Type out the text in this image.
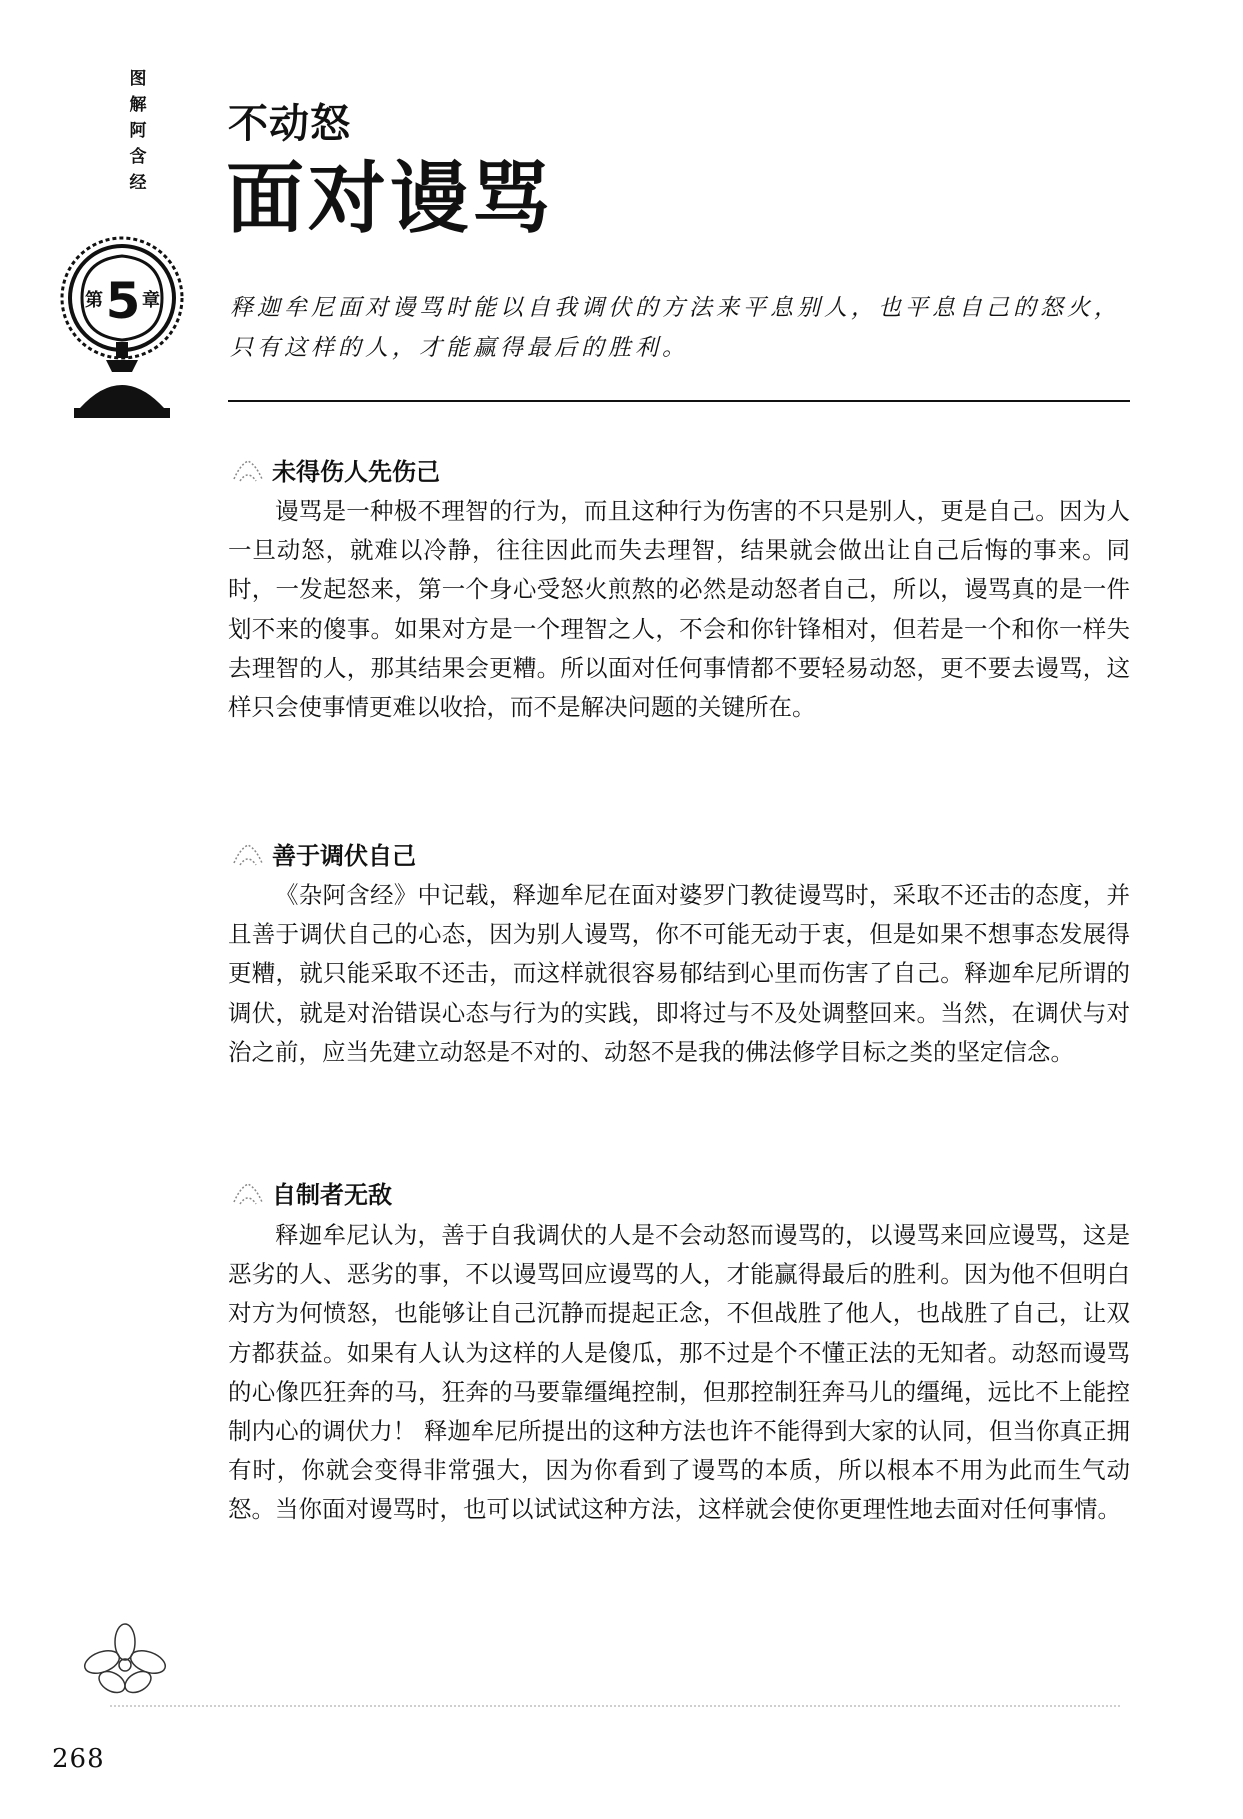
图
解
阿
含
经
第 5 章
不动怒
面对谩骂
释迦牟尼面对谩骂时能以自我调伏的方法来平息别人，也平息自己的怒火，只有这样的人，才能赢得最后的胜利。
未得伤人先伤己

谩骂是一种极不理智的行为，而且这种行为伤害的不只是别人，更是自己。因为人一旦动怒，就难以冷静，往往因此而失去理智，结果就会做出让自己后悔的事来。同时，一发起怒来，第一个身心受怒火煎熬的必然是动怒者自己，所以，谩骂真的是一件划不来的傻事。如果对方是一个理智之人，不会和你针锋相对，但若是一个和你一样失去理智的人，那其结果会更糟。所以面对任何事情都不要轻易动怒，更不要去谩骂，这样只会使事情更难以收拾，而不是解决问题的关键所在。

善于调伏自己

《杂阿含经》中记载，释迦牟尼在面对婆罗门教徒谩骂时，采取不还击的态度，并且善于调伏自己的心态，因为别人谩骂，你不可能无动于衷，但是如果不想事态发展得更糟，就只能采取不还击，而这样就很容易郁结到心里而伤害了自己。释迦牟尼所谓的调伏，就是对治错误心态与行为的实践，即将过与不及处调整回来。当然，在调伏与对治之前，应当先建立动怒是不对的、动怒不是我的佛法修学目标之类的坚定信念。

自制者无敌

释迦牟尼认为，善于自我调伏的人是不会动怒而谩骂的，以谩骂来回应谩骂，这是恶劣的人、恶劣的事，不以谩骂回应谩骂的人，才能赢得最后的胜利。因为他不但明白对方为何愤怒，也能够让自己沉静而提起正念，不但战胜了他人，也战胜了自己，让双方都获益。如果有人认为这样的人是傻瓜，那不过是个不懂正法的无知者。动怒而谩骂的心像匹狂奔的马，狂奔的马要靠缰绳控制，但那控制狂奔马儿的缰绳，远比不上能控制内心的调伏力！ 释迦牟尼所提出的这种方法也许不能得到大家的认同，但当你真正拥有时，你就会变得非常强大，因为你看到了谩骂的本质，所以根本不用为此而生气动怒。当你面对谩骂时，也可以试试这种方法，这样就会使你更理性地去面对任何事情。

268
